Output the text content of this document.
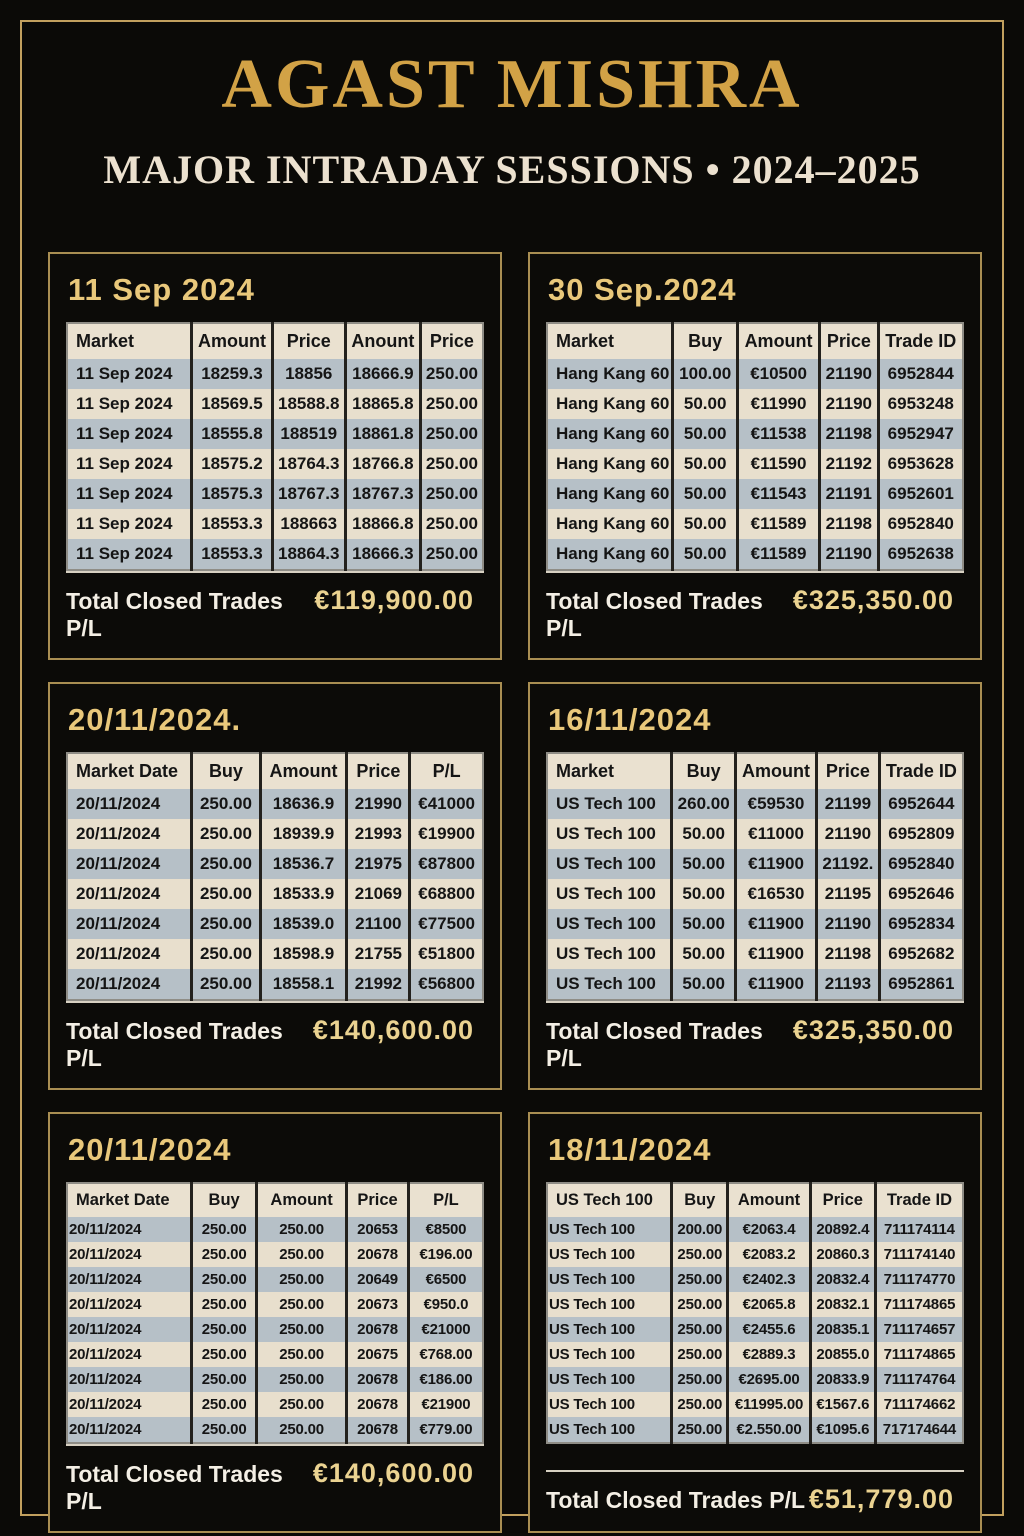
AGAST MISHRA
MAJOR INTRADAY SESSIONS • 2024–2025
11 Sep 2024
Market	Amount	Price	Anount	Price
11 Sep 2024	18259.3	18856	18666.9	250.00
11 Sep 2024	18569.5	18588.8	18865.8	250.00
11 Sep 2024	18555.8	188519	18861.8	250.00
11 Sep 2024	18575.2	18764.3	18766.8	250.00
11 Sep 2024	18575.3	18767.3	18767.3	250.00
11 Sep 2024	18553.3	188663	18866.8	250.00
11 Sep 2024	18553.3	18864.3	18666.3	250.00
Total Closed Trades P/L
€119,900.00
30 Sep.2024
Market	Buy	Amount	Price	Trade ID
Hang Kang 60	100.00	€10500	21190	6952844
Hang Kang 60	50.00	€11990	21190	6953248
Hang Kang 60	50.00	€11538	21198	6952947
Hang Kang 60	50.00	€11590	21192	6953628
Hang Kang 60	50.00	€11543	21191	6952601
Hang Kang 60	50.00	€11589	21198	6952840
Hang Kang 60	50.00	€11589	21190	6952638
Total Closed Trades P/L
€325,350.00
20/11/2024.
Market Date	Buy	Amount	Price	P/L
20/11/2024	250.00	18636.9	21990	€41000
20/11/2024	250.00	18939.9	21993	€19900
20/11/2024	250.00	18536.7	21975	€87800
20/11/2024	250.00	18533.9	21069	€68800
20/11/2024	250.00	18539.0	21100	€77500
20/11/2024	250.00	18598.9	21755	€51800
20/11/2024	250.00	18558.1	21992	€56800
Total Closed Trades P/L
€140,600.00
16/11/2024
Market	Buy	Amount	Price	Trade ID
US Tech 100	260.00	€59530	21199	6952644
US Tech 100	50.00	€11000	21190	6952809
US Tech 100	50.00	€11900	21192.	6952840
US Tech 100	50.00	€16530	21195	6952646
US Tech 100	50.00	€11900	21190	6952834
US Tech 100	50.00	€11900	21198	6952682
US Tech 100	50.00	€11900	21193	6952861
Total Closed Trades P/L
€325,350.00
20/11/2024
Market Date	Buy	Amount	Price	P/L
20/11/2024	250.00	250.00	20653	€8500
20/11/2024	250.00	250.00	20678	€196.00
20/11/2024	250.00	250.00	20649	€6500
20/11/2024	250.00	250.00	20673	€950.0
20/11/2024	250.00	250.00	20678	€21000
20/11/2024	250.00	250.00	20675	€768.00
20/11/2024	250.00	250.00	20678	€186.00
20/11/2024	250.00	250.00	20678	€21900
20/11/2024	250.00	250.00	20678	€779.00
Total Closed Trades P/L
€140,600.00
18/11/2024
US Tech 100	Buy	Amount	Price	Trade ID
US Tech 100	200.00	€2063.4	20892.4	711174114
US Tech 100	250.00	€2083.2	20860.3	711174140
US Tech 100	250.00	€2402.3	20832.4	711174770
US Tech 100	250.00	€2065.8	20832.1	711174865
US Tech 100	250.00	€2455.6	20835.1	711174657
US Tech 100	250.00	€2889.3	20855.0	711174865
US Tech 100	250.00	€2695.00	20833.9	711174764
US Tech 100	250.00	€11995.00	€1567.6	711174662
US Tech 100	250.00	€2.550.00	€1095.6	717174644
Total Closed Trades P/L €51,779.00
